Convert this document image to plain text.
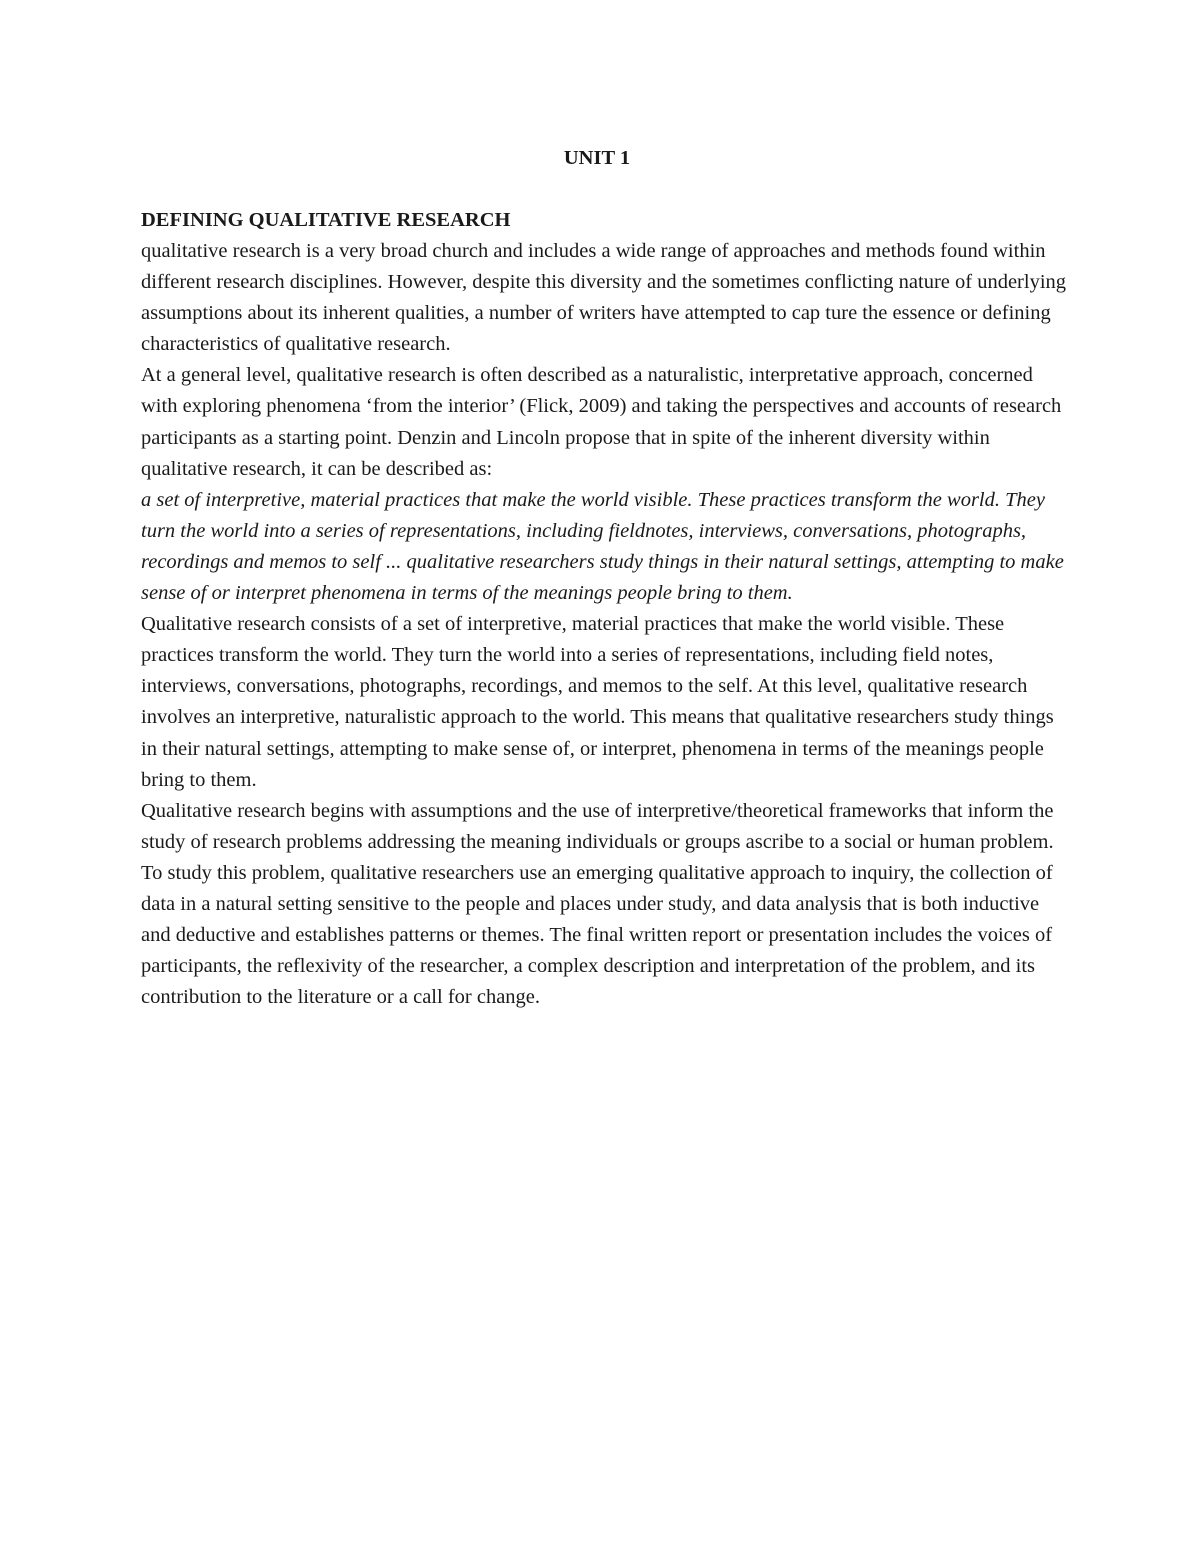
UNIT 1

DEFINING QUALITATIVE RESEARCH

qualitative research is a very broad church and includes a wide range of approaches and methods found within different research disciplines. However, despite this diversity and the sometimes conflicting nature of underlying assumptions about its inherent qualities, a number of writers have attempted to cap ture the essence or defining characteristics of qualitative research.

At a general level, qualitative research is often described as a naturalistic, interpretative approach, concerned with exploring phenomena ‘from the interior’ (Flick, 2009) and taking the perspectives and accounts of research participants as a starting point. Denzin and Lincoln propose that in spite of the inherent diversity within qualitative research, it can be described as:

a set of interpretive, material practices that make the world visible. These practices transform the world. They turn the world into a series of representations, including fieldnotes, interviews, conversations, photographs, recordings and memos to self ... qualitative researchers study things in their natural settings, attempting to make sense of or interpret phenomena in terms of the meanings people bring to them.

Qualitative research consists of a set of interpretive, material practices that make the world visible. These practices transform the world. They turn the world into a series of representations, including field notes, interviews, conversations, photographs, recordings, and memos to the self. At this level, qualitative research involves an interpretive, naturalistic approach to the world. This means that qualitative researchers study things in their natural settings, attempting to make sense of, or interpret, phenomena in terms of the meanings people bring to them.

Qualitative research begins with assumptions and the use of interpretive/theoretical frameworks that inform the study of research problems addressing the meaning individuals or groups ascribe to a social or human problem. To study this problem, qualitative researchers use an emerging qualitative approach to inquiry, the collection of data in a natural setting sensitive to the people and places under study, and data analysis that is both inductive and deductive and establishes patterns or themes. The final written report or presentation includes the voices of participants, the reflexivity of the researcher, a complex description and interpretation of the problem, and its contribution to the literature or a call for change.
